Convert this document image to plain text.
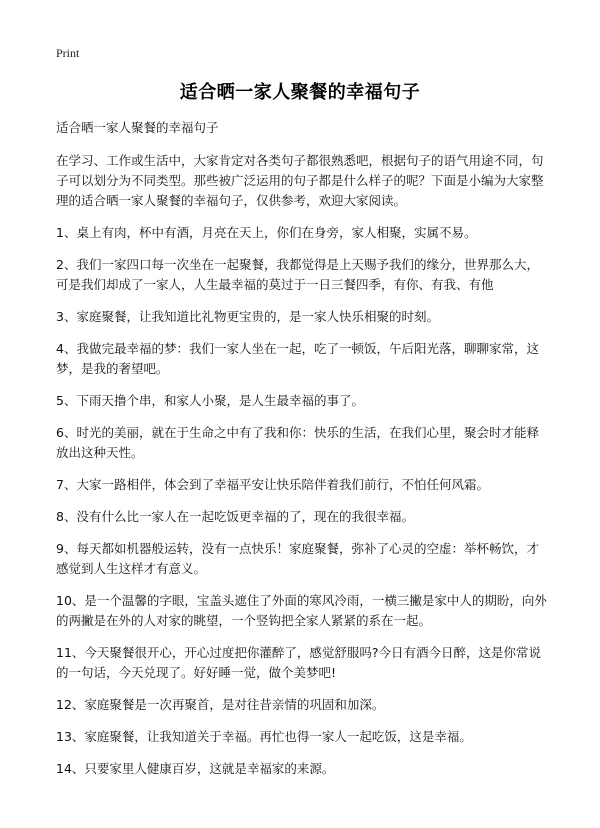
Print
适合晒一家人聚餐的幸福句子

适合晒一家人聚餐的幸福句子

在学习、工作或生活中，大家肯定对各类句子都很熟悉吧，根据句子的语气用途不同，句子可以划分为不同类型。那些被广泛运用的句子都是什么样子的呢？下面是小编为大家整理的适合晒一家人聚餐的幸福句子，仅供参考，欢迎大家阅读。

1、桌上有肉，杯中有酒，月亮在天上，你们在身旁，家人相聚，实属不易。
2、我们一家四口每一次坐在一起聚餐，我都觉得是上天赐予我们的缘分，世界那么大，可是我们却成了一家人，人生最幸福的莫过于一日三餐四季，有你、有我、有他
3、家庭聚餐，让我知道比礼物更宝贵的，是一家人快乐相聚的时刻。
4、我做完最幸福的梦：我们一家人坐在一起，吃了一顿饭，午后阳光落，聊聊家常，这梦，是我的奢望吧。
5、下雨天撸个串，和家人小聚，是人生最幸福的事了。
6、时光的美丽，就在于生命之中有了我和你：快乐的生活，在我们心里，聚会时才能释放出这种天性。
7、大家一路相伴，体会到了幸福平安让快乐陪伴着我们前行，不怕任何风霜。
8、没有什么比一家人在一起吃饭更幸福的了，现在的我很幸福。
9、每天都如机器般运转，没有一点快乐！家庭聚餐，弥补了心灵的空虚：举杯畅饮，才感觉到人生这样才有意义。
10、是一个温馨的字眼，宝盖头遮住了外面的寒风冷雨，一横三撇是家中人的期盼，向外的两撇是在外的人对家的眺望，一个竖钩把全家人紧紧的系在一起。
11、今天聚餐很开心，开心过度把你灌醉了，感觉舒服吗?今日有酒今日醉，这是你常说的一句话，今天兑现了。好好睡一觉，做个美梦吧!
12、家庭聚餐是一次再聚首，是对往昔亲情的巩固和加深。
13、家庭聚餐，让我知道关于幸福。再忙也得一家人一起吃饭，这是幸福。
14、只要家里人健康百岁，这就是幸福家的来源。
